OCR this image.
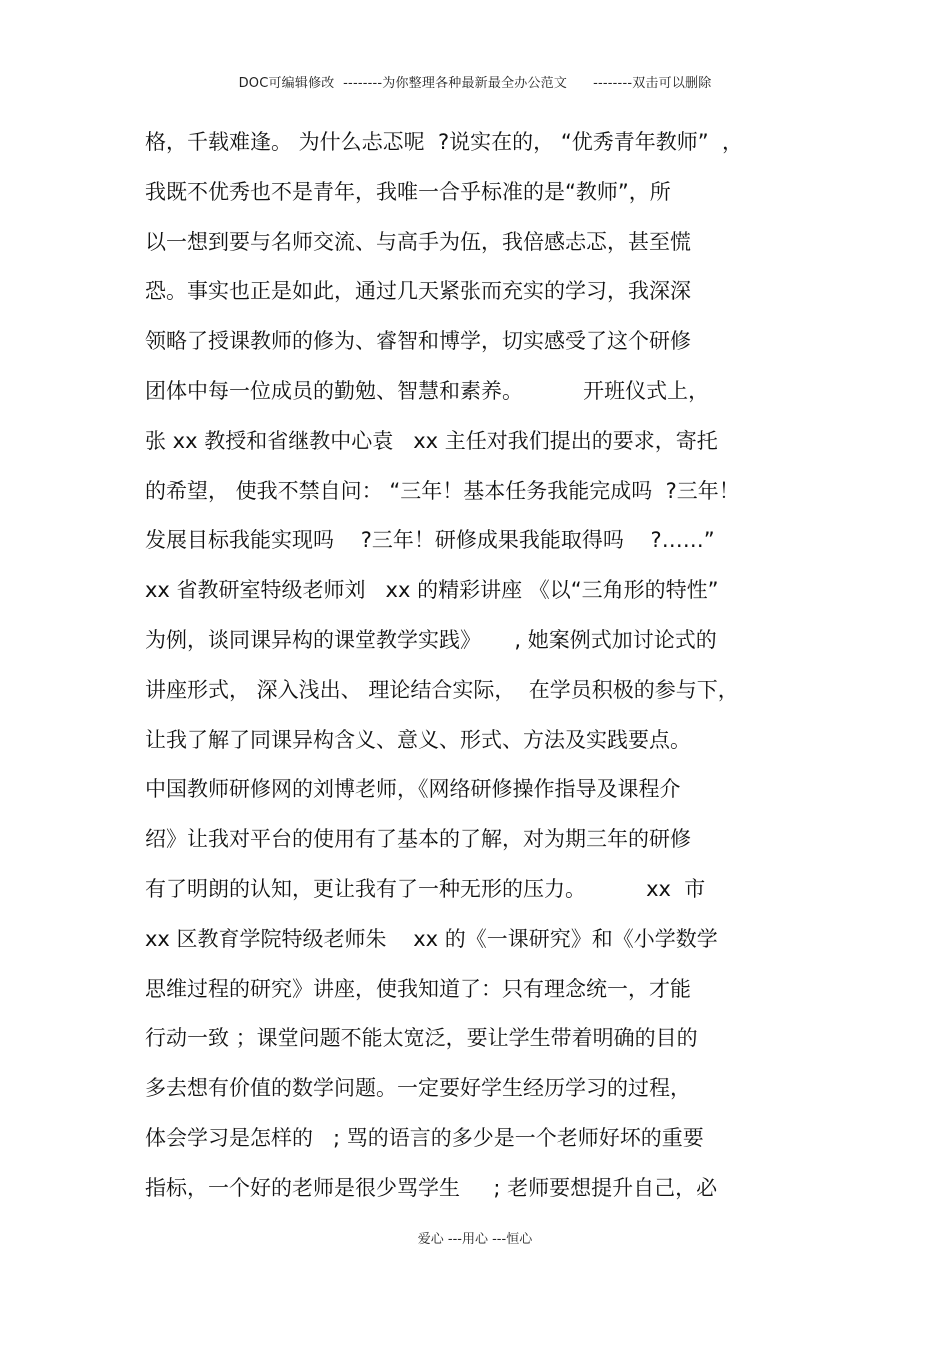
DOC可编辑修改 --------为你整理各种最新最全办公范文 --------双击可以删除
格，千载难逢。 为什么忐忑呢  ?说实在的， “优秀青年教师”  ，
我既不优秀也不是青年，我唯一合乎标准的是“教师”，所
以一想到要与名师交流、与高手为伍，我倍感忐忑，甚至慌
恐。事实也正是如此，通过几天紧张而充实的学习，我深深
领略了授课教师的修为、睿智和博学，切实感受了这个研修
团体中每一位成员的勤勉、智慧和素养。         开班仪式上，
张 xx 教授和省继教中心袁   xx 主任对我们提出的要求，寄托
的希望， 使我不禁自问： “三年！基本任务我能完成吗  ?三年！
发展目标我能实现吗    ?三年！研修成果我能取得吗    ?……”
xx 省教研室特级老师刘   xx 的精彩讲座 《以“三角形的特性”
为例，谈同课异构的课堂教学实践》     , 她案例式加讨论式的
讲座形式， 深入浅出、 理论结合实际，  在学员积极的参与下，
让我了解了同课异构含义、意义、形式、方法及实践要点。
中国教师研修网的刘博老师，《网络研修操作指导及课程介
绍》让我对平台的使用有了基本的了解，对为期三年的研修
有了明朗的认知，更让我有了一种无形的压力。         xx  市
xx 区教育学院特级老师朱    xx 的《一课研究》和《小学数学
思维过程的研究》讲座，使我知道了：只有理念统一，才能
行动一致 ；课堂问题不能太宽泛，要让学生带着明确的目的
多去想有价值的数学问题。一定要好学生经历学习的过程，
体会学习是怎样的   ; 骂的语言的多少是一个老师好坏的重要
指标，一个好的老师是很少骂学生     ; 老师要想提升自己，必
爱心 ---用心 ---恒心
